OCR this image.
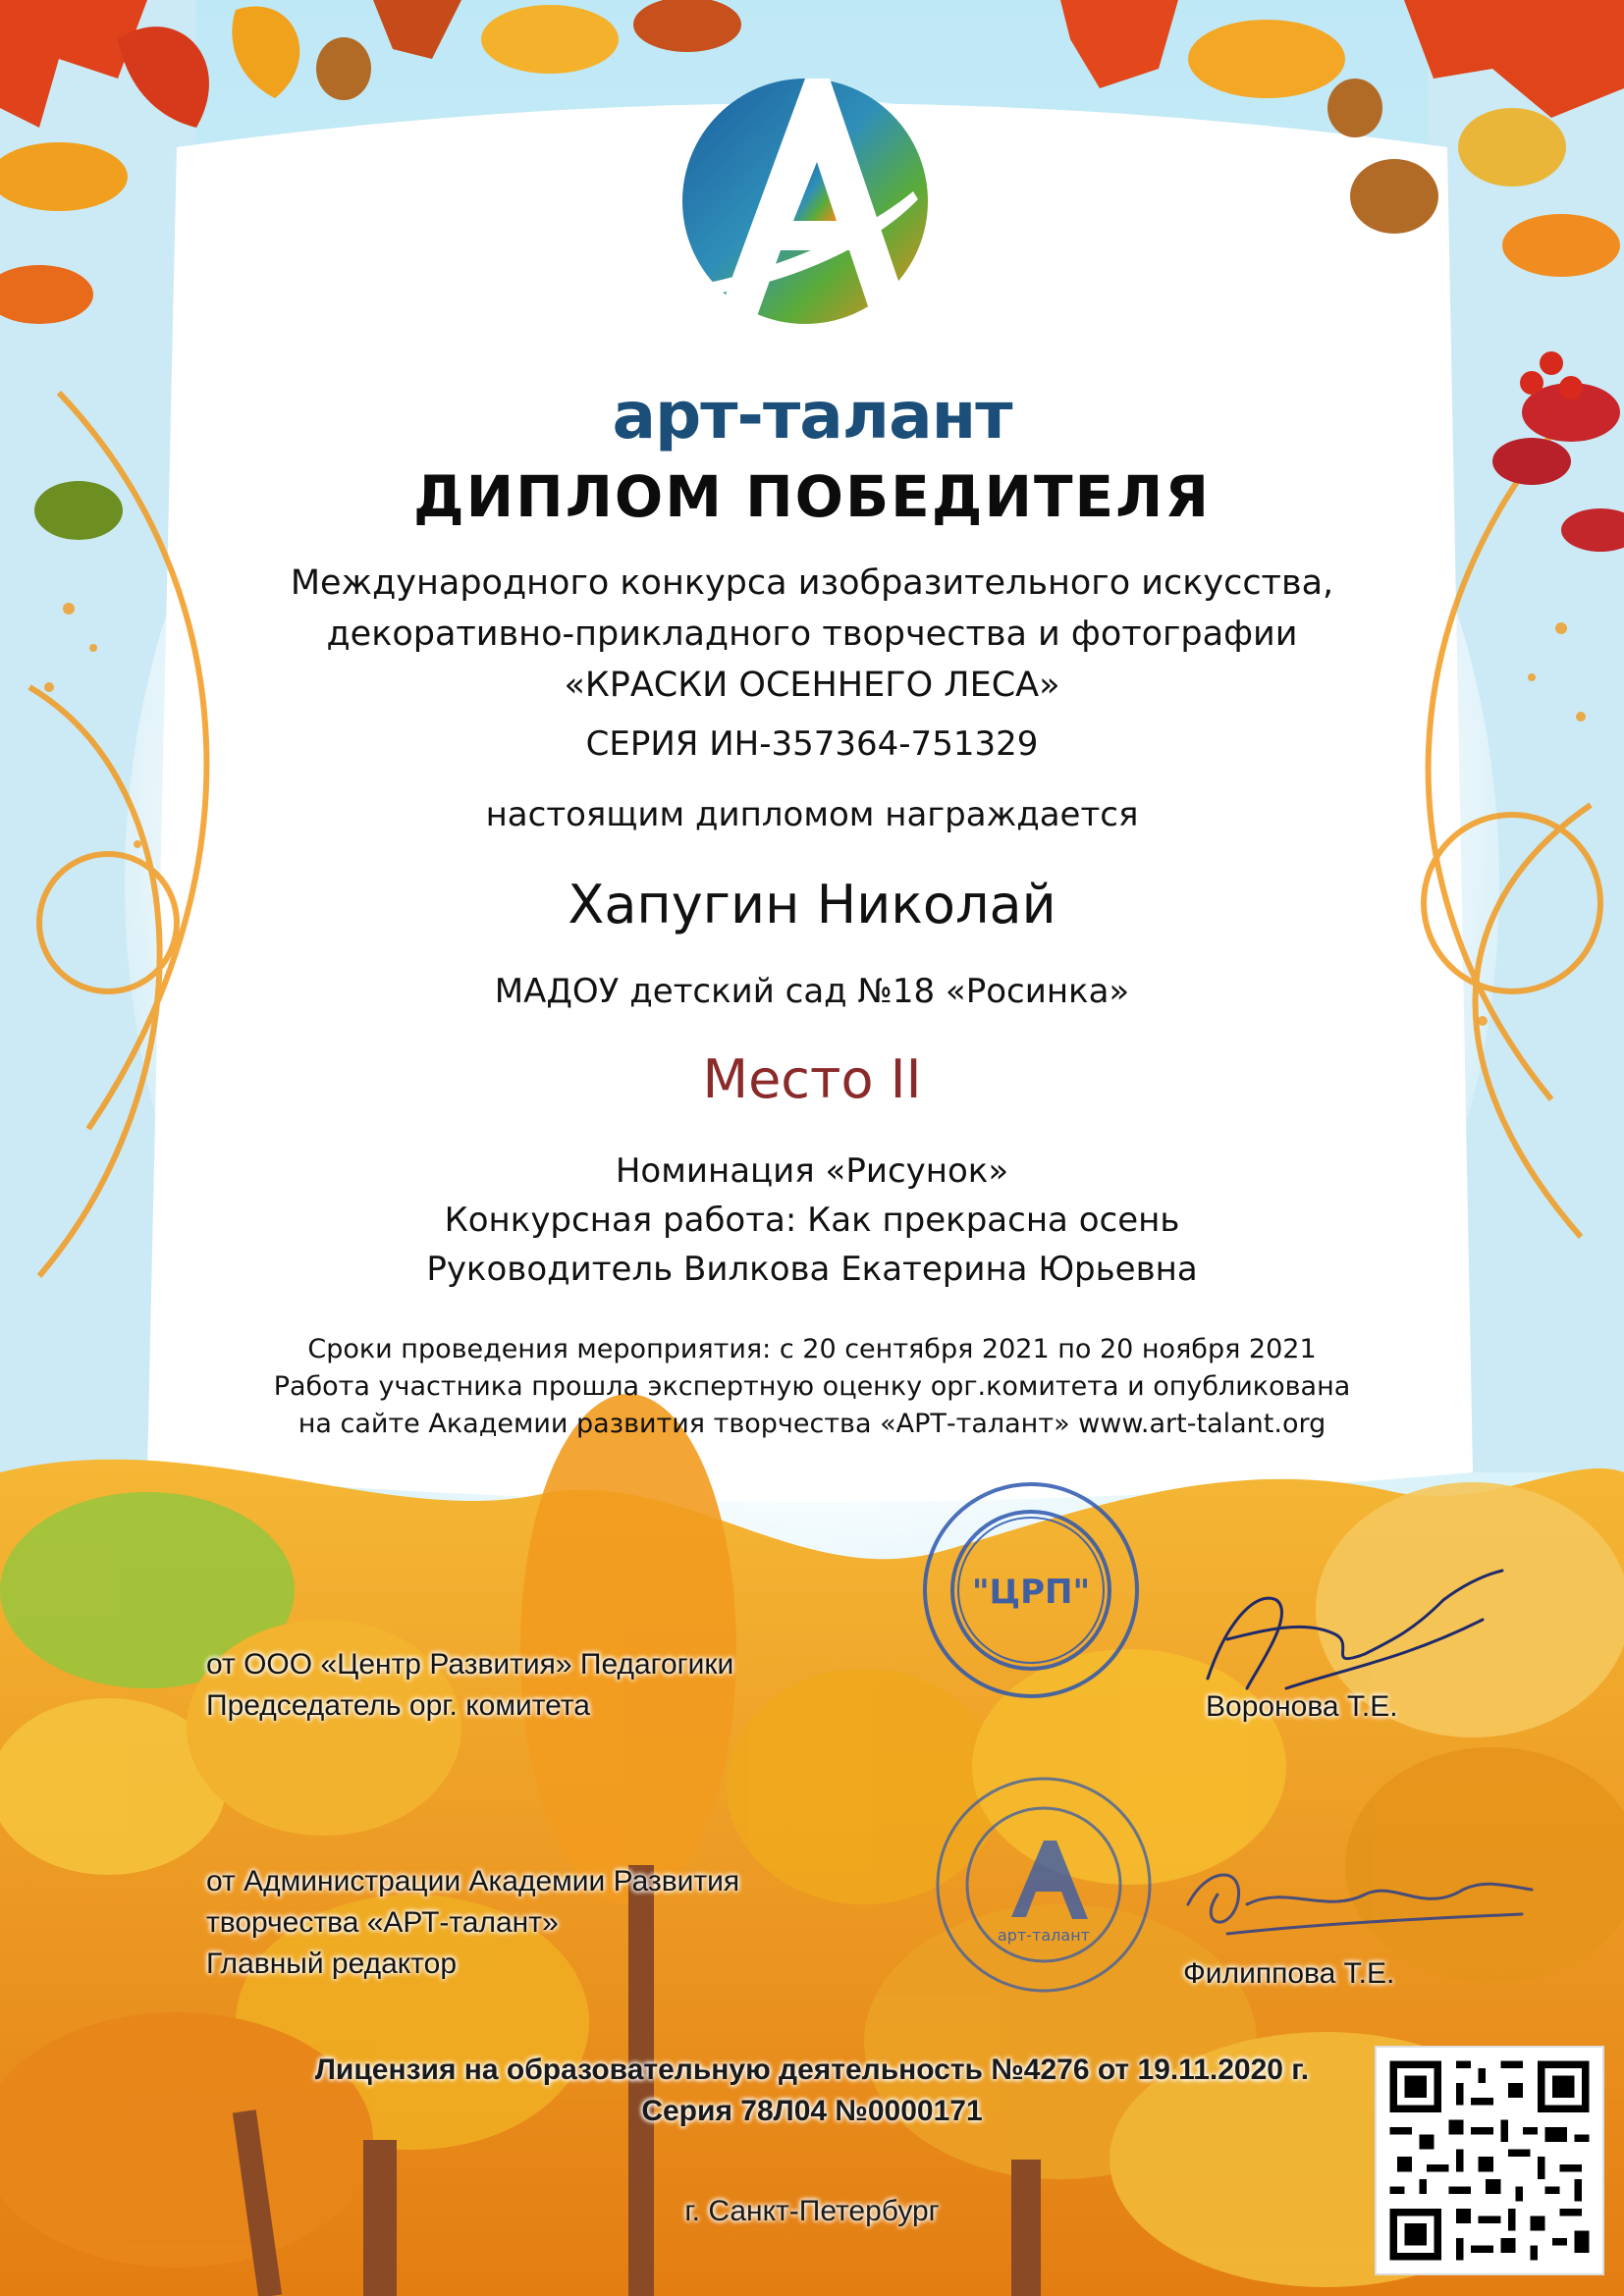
арт-талант
ДИПЛОМ ПОБЕДИТЕЛЯ
Международного конкурса изобразительного искусства,
декоративно-прикладного творчества и фотографии
«КРАСКИ ОСЕННЕГО ЛЕСА»
СЕРИЯ ИН-357364-751329
настоящим дипломом награждается
Хапугин Николай
МАДОУ детский сад №18 «Росинка»
Место II
Номинация «Рисунок»
Конкурсная работа: Как прекрасна осень
Руководитель Вилкова Екатерина Юрьевна
Сроки проведения мероприятия: с 20 сентября 2021 по 20 ноября 2021
Работа участника прошла экспертную оценку орг.комитета и опубликована
на сайте Академии развития творчества «АРТ-талант» www.art-talant.org
"ЦРП"
от ООО «Центр Развития» Педагогики
Председатель орг. комитета	Воронова Т.Е.
арт-талант
от Администрации Академии Развития
творчества «АРТ-талант»
Главный редактор	Филиппова Т.Е.
Лицензия на образовательную деятельность №4276 от 19.11.2020 г.
Серия 78Л04 №0000171
г. Санкт-Петербург
